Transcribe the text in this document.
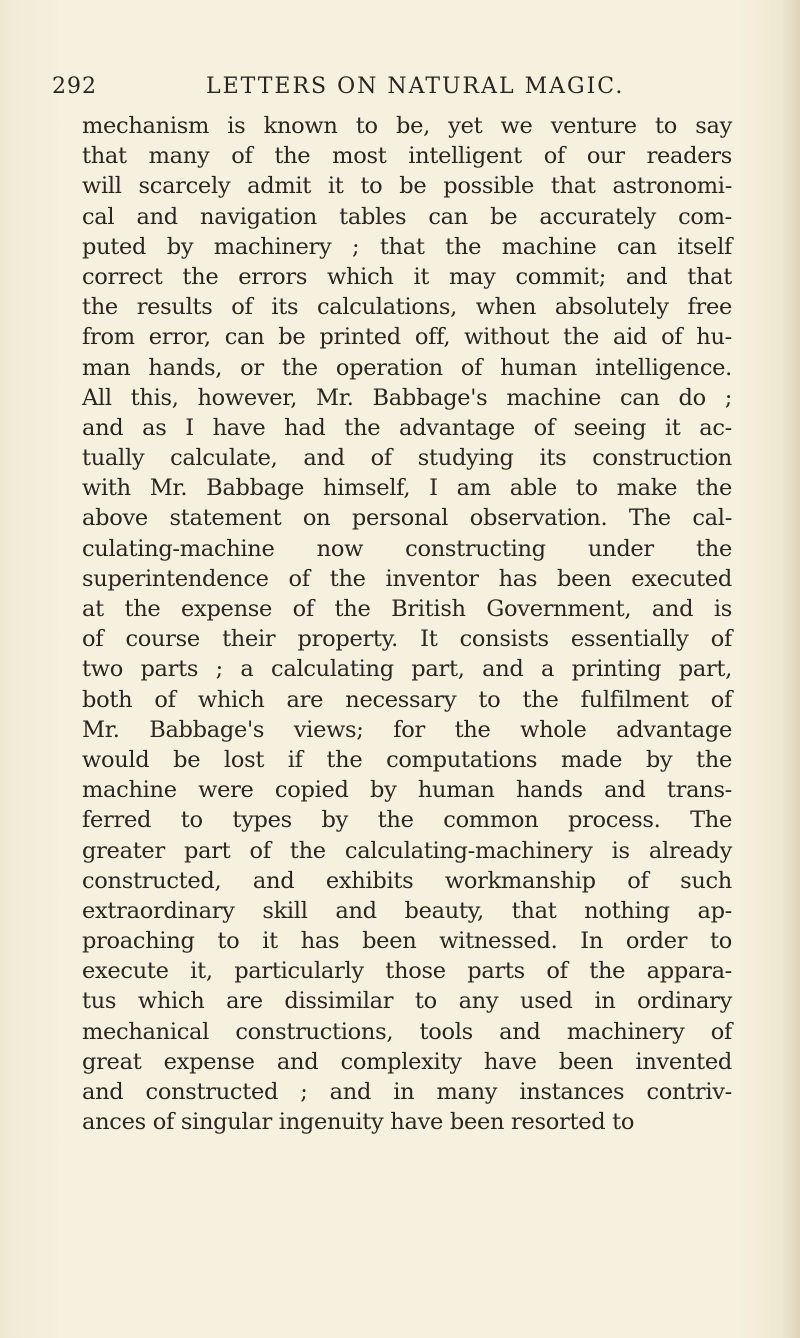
292	LETTERS ON NATURAL MAGIC.
mechanism is known to be, yet we venture to say
that many of the most intelligent of our readers
will scarcely admit it to be possible that astronomi-
cal and navigation tables can be accurately com-
puted by machinery ; that the machine can itself
correct the errors which it may commit; and that
the results of its calculations, when absolutely free
from error, can be printed off, without the aid of hu-
man hands, or the operation of human intelligence.
All this, however, Mr. Babbage's machine can do ;
and as I have had the advantage of seeing it ac-
tually calculate, and of studying its construction
with Mr. Babbage himself, I am able to make the
above statement on personal observation. The cal-
culating-machine now constructing under the
superintendence of the inventor has been executed
at the expense of the British Government, and is
of course their property. It consists essentially of
two parts ; a calculating part, and a printing part,
both of which are necessary to the fulfilment of
Mr. Babbage's views; for the whole advantage
would be lost if the computations made by the
machine were copied by human hands and trans-
ferred to types by the common process. The
greater part of the calculating-machinery is already
constructed, and exhibits workmanship of such
extraordinary skill and beauty, that nothing ap-
proaching to it has been witnessed. In order to
execute it, particularly those parts of the appara-
tus which are dissimilar to any used in ordinary
mechanical constructions, tools and machinery of
great expense and complexity have been invented
and constructed ; and in many instances contriv-
ances of singular ingenuity have been resorted to
